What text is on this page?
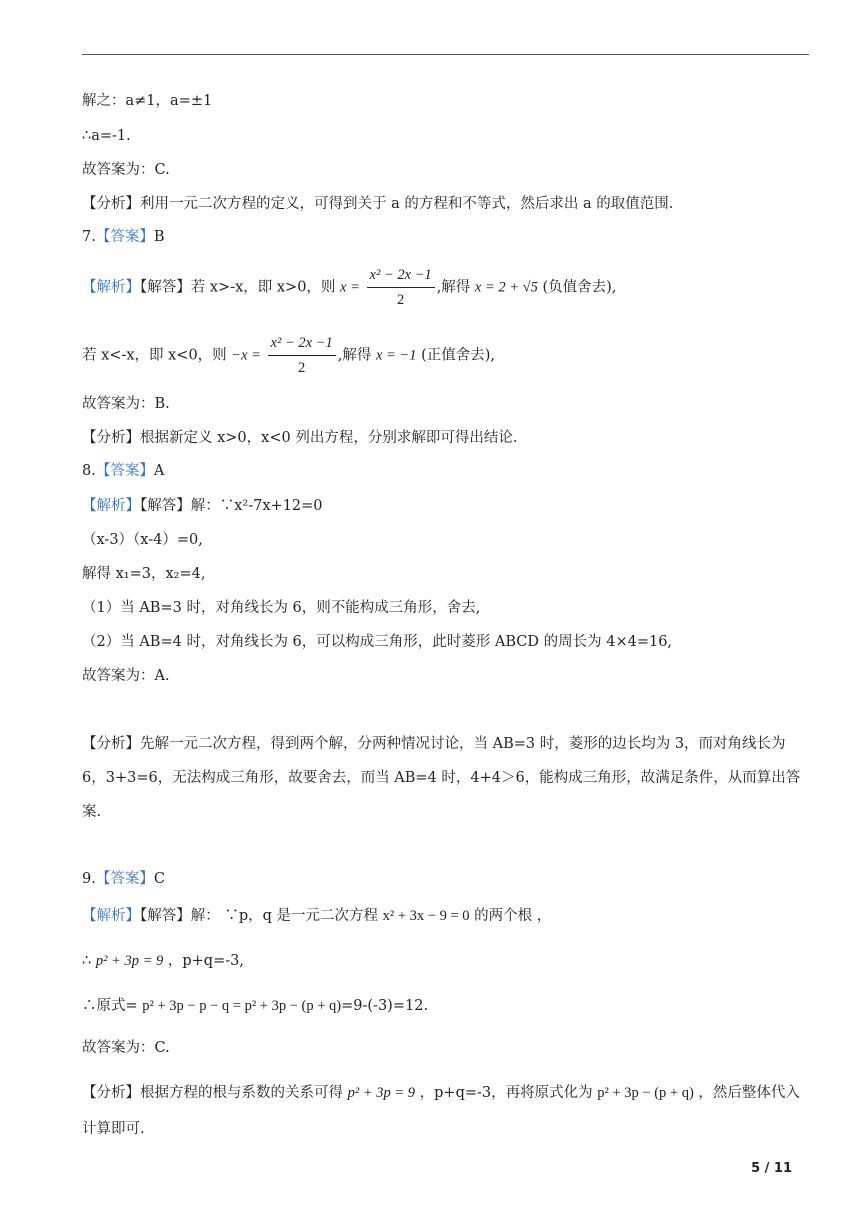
解之：a≠1，a=±1
∴a=-1.
故答案为：C.
【分析】利用一元二次方程的定义，可得到关于 a 的方程和不等式，然后求出 a 的取值范围.
7.【答案】B
【解析】【解答】若 x>-x，即 x>0，则 $x = \frac{\text{x² − 2x −1}}{2}$ ,解得 x = 2 + √5 (负值舍去),
若 x<-x，即 x<0，则 $-x = \frac{\text{x² − 2x −1}}{2}$ ,解得 x = −1 (正值舍去),
故答案为：B.
【分析】根据新定义 x>0，x<0 列出方程，分别求解即可得出结论.
8.【答案】A
【解析】【解答】解：∵x²-7x+12=0
（x-3）（x-4）=0,
解得 x₁=3，x₂=4,
（1）当 AB=3 时，对角线长为 6，则不能构成三角形，舍去,
（2）当 AB=4 时，对角线长为 6，可以构成三角形，此时菱形 ABCD 的周长为 4×4=16,
故答案为：A.
【分析】先解一元二次方程，得到两个解，分两种情况讨论，当 AB=3 时，菱形的边长均为 3，而对角线长为 6，3+3=6，无法构成三角形，故要舍去，而当 AB=4 时，4+4＞6，能构成三角形，故满足条件，从而算出答案.
9.【答案】C
【解析】【解答】解： ∵p，q 是一元二次方程 x² + 3x − 9 = 0 的两个根 ，
∴ p² + 3p = 9 ，p+q=-3,
∴原式= p² + 3p − p − q = p² + 3p − (p + q)=9-(-3)=12.
故答案为：C.
【分析】根据方程的根与系数的关系可得 p² + 3p = 9 ，p+q=-3，再将原式化为 p² + 3p − (p + q) ，然后整体代入计算即可.
5 / 11
